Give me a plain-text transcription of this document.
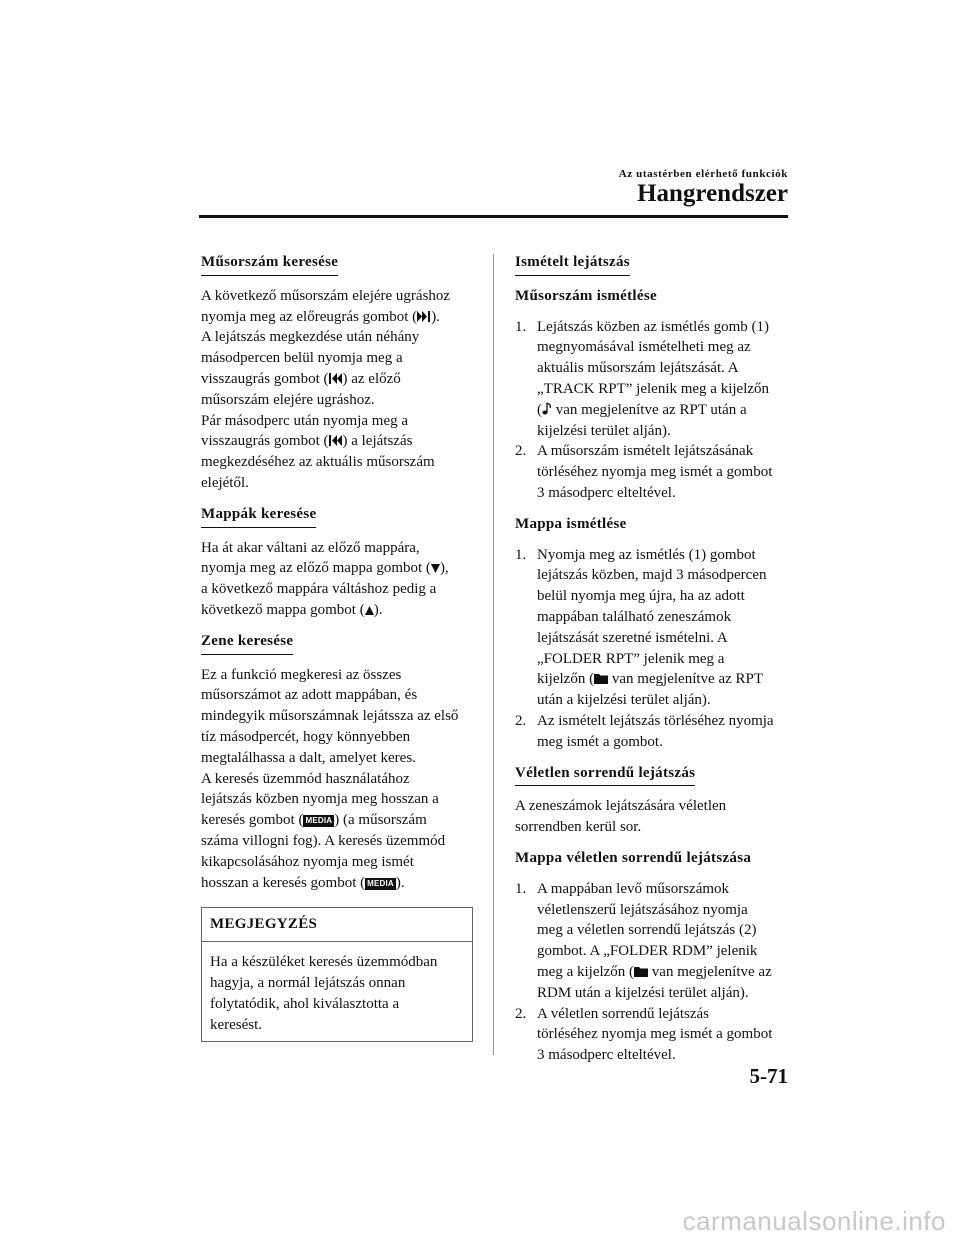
Az utastérben elérhető funkciók
Hangrendszer
Műsorszám keresése
A következő műsorszám elejére ugráshoz
nyomja meg az előreugrás gombot ( ).
A lejátszás megkezdése után néhány
másodpercen belül nyomja meg a
visszaugrás gombot ( ) az előző
műsorszám elejére ugráshoz.
Pár másodperc után nyomja meg a
visszaugrás gombot ( ) a lejátszás
megkezdéséhez az aktuális műsorszám
elejétől.
Mappák keresése
Ha át akar váltani az előző mappára,
nyomja meg az előző mappa gombot ( ),
a következő mappára váltáshoz pedig a
következő mappa gombot ( ).
Zene keresése
Ez a funkció megkeresi az összes
műsorszámot az adott mappában, és
mindegyik műsorszámnak lejátssza az első
tíz másodpercét, hogy könnyebben
megtalálhassa a dalt, amelyet keres.
A keresés üzemmód használatához
lejátszás közben nyomja meg hosszan a
keresés gombot ( MEDIA ) (a műsorszám
száma villogni fog). A keresés üzemmód
kikapcsolásához nyomja meg ismét
hosszan a keresés gombot ( MEDIA ).
MEGJEGYZÉS
Ha a készüléket keresés üzemmódban
hagyja, a normál lejátszás onnan
folytatódik, ahol kiválasztotta a
keresést.
Ismételt lejátszás
Műsorszám ismétlése
1. Lejátszás közben az ismétlés gomb (1)
megnyomásával ismételheti meg az
aktuális műsorszám lejátszását. A
„TRACK RPT” jelenik meg a kijelzőn
( van megjelenítve az RPT után a
kijelzési terület alján).
2. A műsorszám ismételt lejátszásának
törléséhez nyomja meg ismét a gombot
3 másodperc elteltével.
Mappa ismétlése
1. Nyomja meg az ismétlés (1) gombot
lejátszás közben, majd 3 másodpercen
belül nyomja meg újra, ha az adott
mappában található zeneszámok
lejátszását szeretné ismételni. A
„FOLDER RPT” jelenik meg a
kijelzőn ( van megjelenítve az RPT
után a kijelzési terület alján).
2. Az ismételt lejátszás törléséhez nyomja
meg ismét a gombot.
Véletlen sorrendű lejátszás
A zeneszámok lejátszására véletlen
sorrendben kerül sor.
Mappa véletlen sorrendű lejátszása
1. A mappában levő műsorszámok
véletlenszerű lejátszásához nyomja
meg a véletlen sorrendű lejátszás (2)
gombot. A „FOLDER RDM” jelenik
meg a kijelzőn ( van megjelenítve az
RDM után a kijelzési terület alján).
2. A véletlen sorrendű lejátszás
törléséhez nyomja meg ismét a gombot
3 másodperc elteltével.
5-71
carmanualsonline.info
